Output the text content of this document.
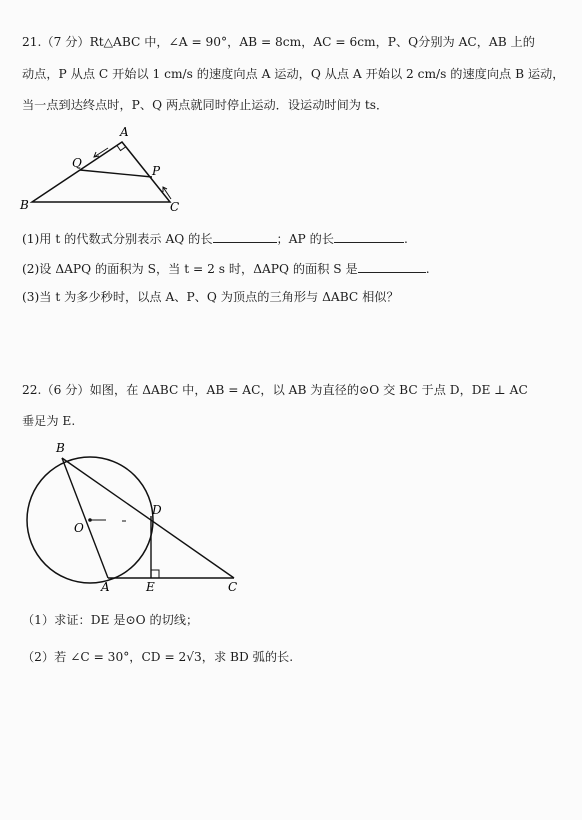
21.（7 分）Rt△ABC 中，∠A = 90°，AB = 8cm，AC = 6cm，P、Q分别为 AC，AB 上的
动点，P 从点 C 开始以 1 cm/s 的速度向点 A 运动，Q 从点 A 开始以 2 cm/s 的速度向点 B 运动，
当一点到达终点时，P、Q 两点就同时停止运动．设运动时间为 ts．
A
B	C
P
Q
(1)用 t 的代数式分别表示 AQ 的长	；AP 的长	.
(2)设 ΔAPQ 的面积为 S，当 t = 2 s 时，ΔAPQ 的面积 S 是	.
(3)当 t 为多少秒时，以点 A、P、Q 为顶点的三角形与 ΔABC 相似？
22.（6 分）如图，在 ΔABC 中，AB = AC，以 AB 为直径的⊙O 交 BC 于点 D，DE ⊥ AC
垂足为 E.
B
O
D
A	E	C
（1）求证：DE 是⊙O 的切线；
（2）若 ∠C = 30°，CD = 2√3，求 BD 弧的长.
